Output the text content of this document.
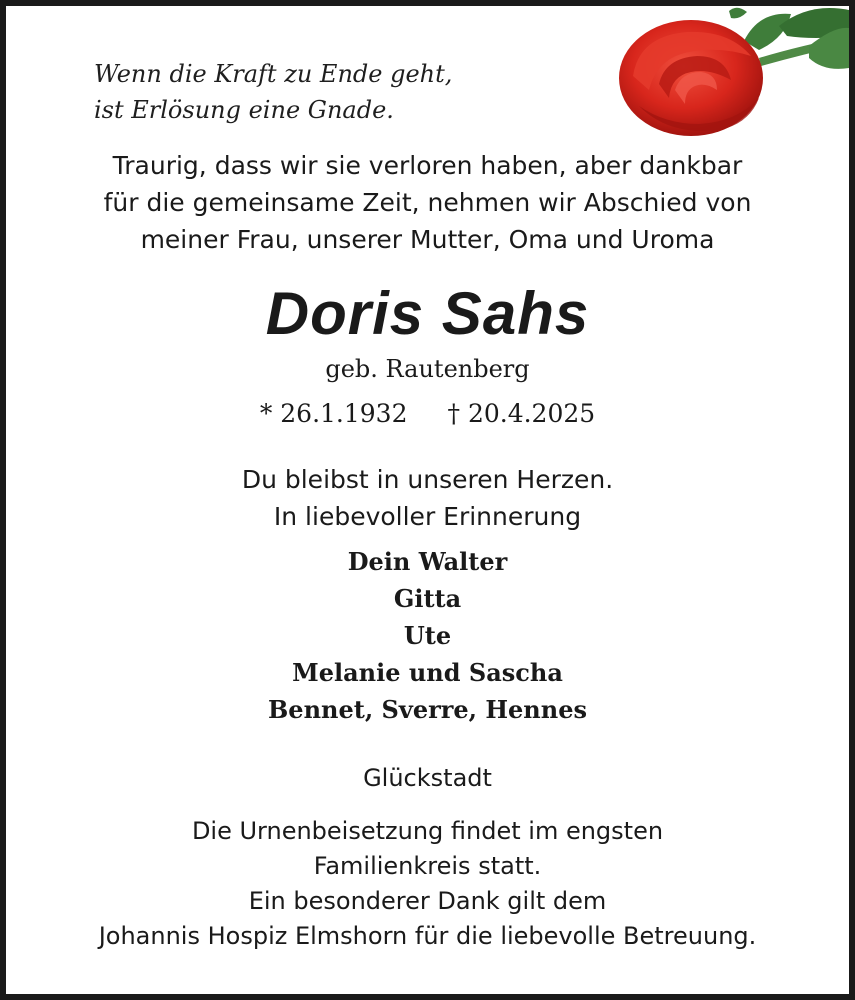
Wenn die Kraft zu Ende geht,
ist Erlösung eine Gnade.
Traurig, dass wir sie verloren haben, aber dankbar
für die gemeinsame Zeit, nehmen wir Abschied von
meiner Frau, unserer Mutter, Oma und Uroma
Doris Sahs
geb. Rautenberg
* 26.1.1932 † 20.4.2025
Du bleibst in unseren Herzen.
In liebevoller Erinnerung
Dein Walter
Gitta
Ute
Melanie und Sascha
Bennet, Sverre, Hennes
Glückstadt
Die Urnenbeisetzung findet im engsten
Familienkreis statt.
Ein besonderer Dank gilt dem
Johannis Hospiz Elmshorn für die liebevolle Betreuung.
